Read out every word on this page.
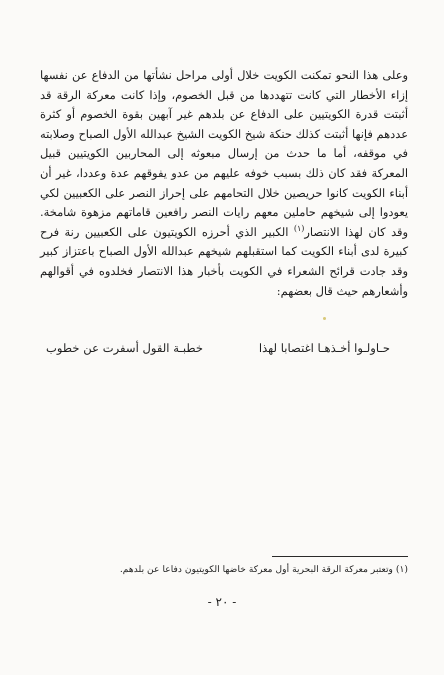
وعلى هذا النحو تمكنت الكويت خلال أولى مراحل نشأتها من الدفاع عن نفسها إزاء الأخطار التي كانت تتهددها من قبل الخصوم، وإذا كانت معركة الرقة قد أثبتت قدرة الكويتيين على الدفاع عن بلدهم غير آبهين بقوة الخصوم أو كثرة عددهم فإنها أثبتت كذلك حنكة شيخ الكويت الشيخ عبدالله الأول الصباح وصلابته في موقفه، أما ما حدث من إرسال مبعوثه إلى المحاربين الكويتيين قبيل المعركة فقد كان ذلك بسبب خوفه عليهم من عدو يفوقهم عدة وعددا، غير أن أبناء الكويت كانوا حريصين خلال التحامهم على إحراز النصر على الكعبيين لكي يعودوا إلى شيخهم حاملين معهم رايات النصر رافعين قاماتهم مزهوة شامخة. وقد كان لهذا الانتصار$^{(١)}$ الكبير الذي أحرزه الكويتيون على الكعبيين رنة فرح كبيرة لدى أبناء الكويت كما استقبلهم شيخهم عبدالله الأول الصباح باعتزاز كبير وقد جادت قرائح الشعراء في الكويت بأخبار هذا الانتصار فخلدوه في أقوالهم وأشعارهم حيث قال بعضهم:

حـاولـوا أخـذهـا اغتصابا لهذا
خطبـة القول أسفرت عن خطوب

(١) وتعتبر معركة الرقة البحرية أول معركة خاضها الكويتيون دفاعا عن بلدهم.

- ٢٠ -
